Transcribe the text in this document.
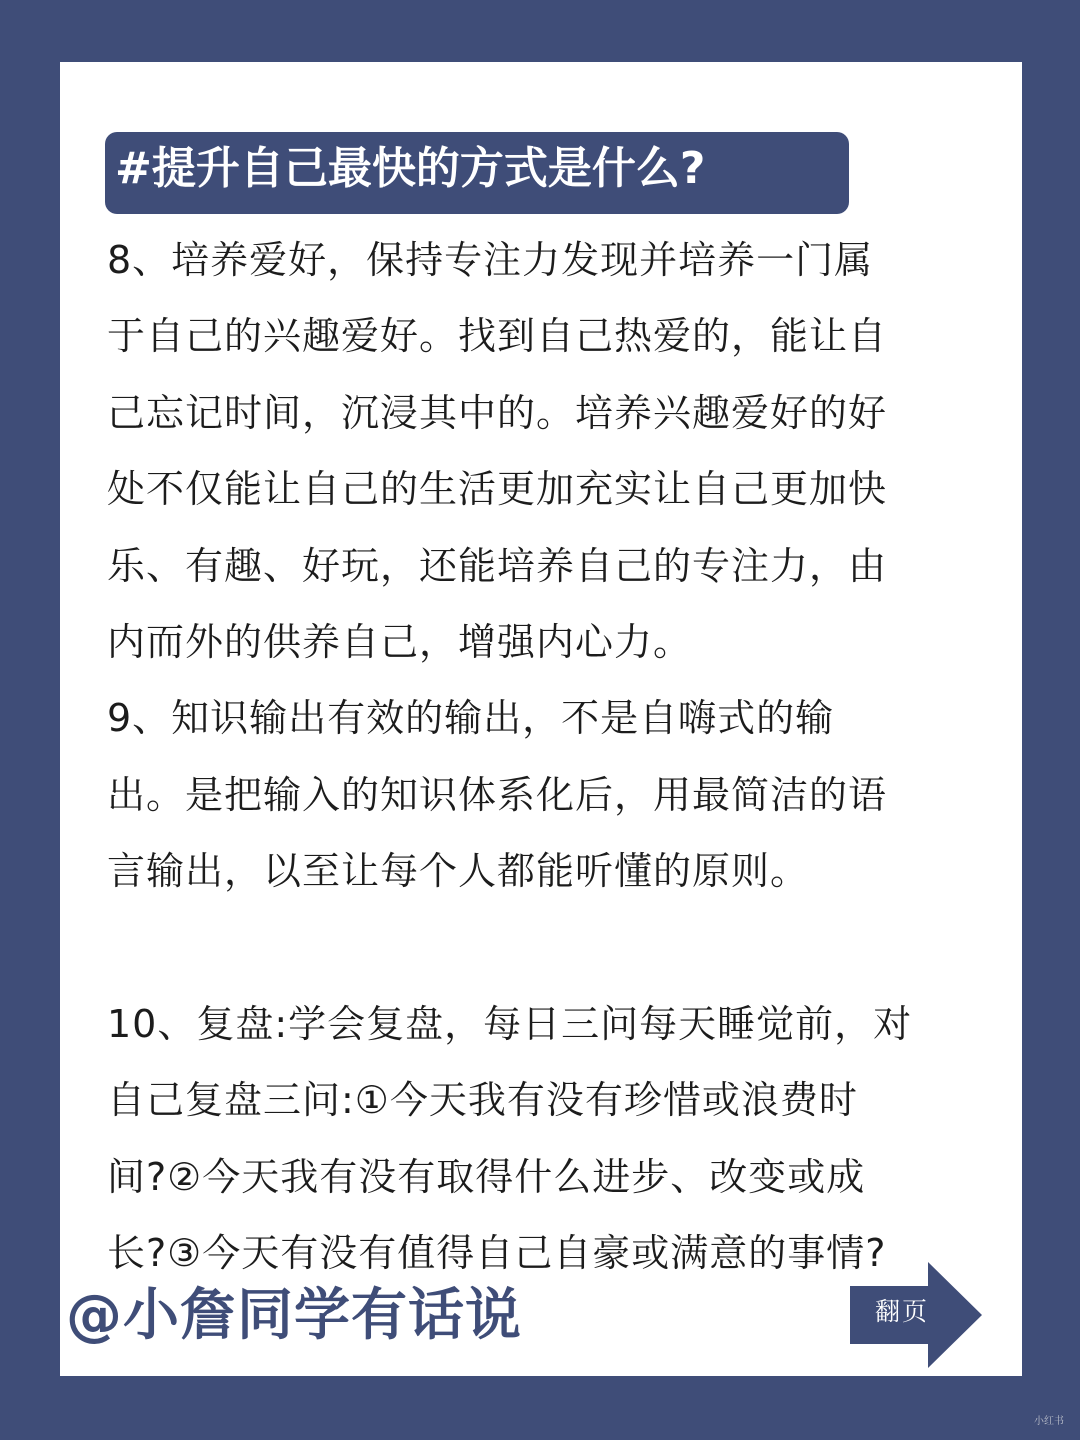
#提升自己最快的方式是什么?
8、培养爱好，保持专注力发现并培养一门属
于自己的兴趣爱好。找到自己热爱的，能让自
己忘记时间，沉浸其中的。培养兴趣爱好的好
处不仅能让自己的生活更加充实让自己更加快
乐、有趣、好玩，还能培养自己的专注力，由
内而外的供养自己，增强内心力。
9、知识输出有效的输出，不是自嗨式的输
出。是把输入的知识体系化后，用最简洁的语
言输出，以至让每个人都能听懂的原则。
10、复盘:学会复盘，每日三问每天睡觉前，对
自己复盘三问:①今天我有没有珍惜或浪费时
间?②今天我有没有取得什么进步、改变或成
长?③今天有没有值得自己自豪或满意的事情?
@小詹同学有话说	翻页
小红书
